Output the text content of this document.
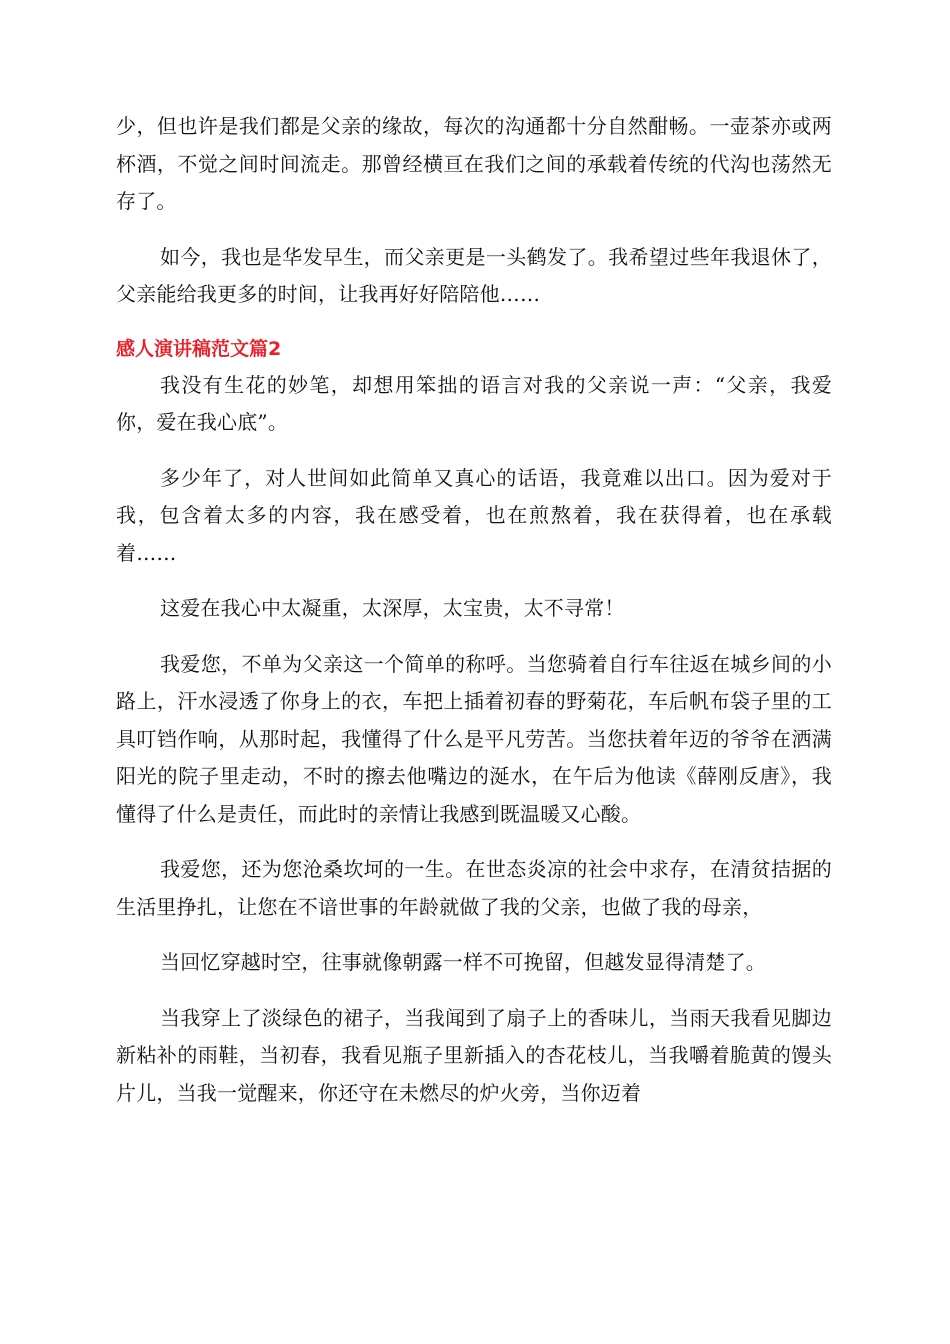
少，但也许是我们都是父亲的缘故，每次的沟通都十分自然酣畅。一壶茶亦或两杯酒，不觉之间时间流走。那曾经横亘在我们之间的承载着传统的代沟也荡然无存了。

如今，我也是华发早生，而父亲更是一头鹤发了。我希望过些年我退休了，父亲能给我更多的时间，让我再好好陪陪他……

感人演讲稿范文篇2

我没有生花的妙笔，却想用笨拙的语言对我的父亲说一声：“父亲，我爱你，爱在我心底”。

多少年了，对人世间如此简单又真心的话语，我竟难以出口。因为爱对于我，包含着太多的内容，我在感受着，也在煎熬着，我在获得着，也在承载着……

这爱在我心中太凝重，太深厚，太宝贵，太不寻常！

我爱您，不单为父亲这一个简单的称呼。当您骑着自行车往返在城乡间的小路上，汗水浸透了你身上的衣，车把上插着初春的野菊花，车后帆布袋子里的工具叮铛作响，从那时起，我懂得了什么是平凡劳苦。当您扶着年迈的爷爷在洒满阳光的院子里走动，不时的擦去他嘴边的涎水，在午后为他读《薛刚反唐》，我懂得了什么是责任，而此时的亲情让我感到既温暖又心酸。

我爱您，还为您沧桑坎坷的一生。在世态炎凉的社会中求存，在清贫拮据的生活里挣扎，让您在不谙世事的年龄就做了我的父亲，也做了我的母亲，

当回忆穿越时空，往事就像朝露一样不可挽留，但越发显得清楚了。

当我穿上了淡绿色的裙子，当我闻到了扇子上的香味儿，当雨天我看见脚边新粘补的雨鞋，当初春，我看见瓶子里新插入的杏花枝儿，当我嚼着脆黄的馒头片儿，当我一觉醒来，你还守在未燃尽的炉火旁，当你迈着
